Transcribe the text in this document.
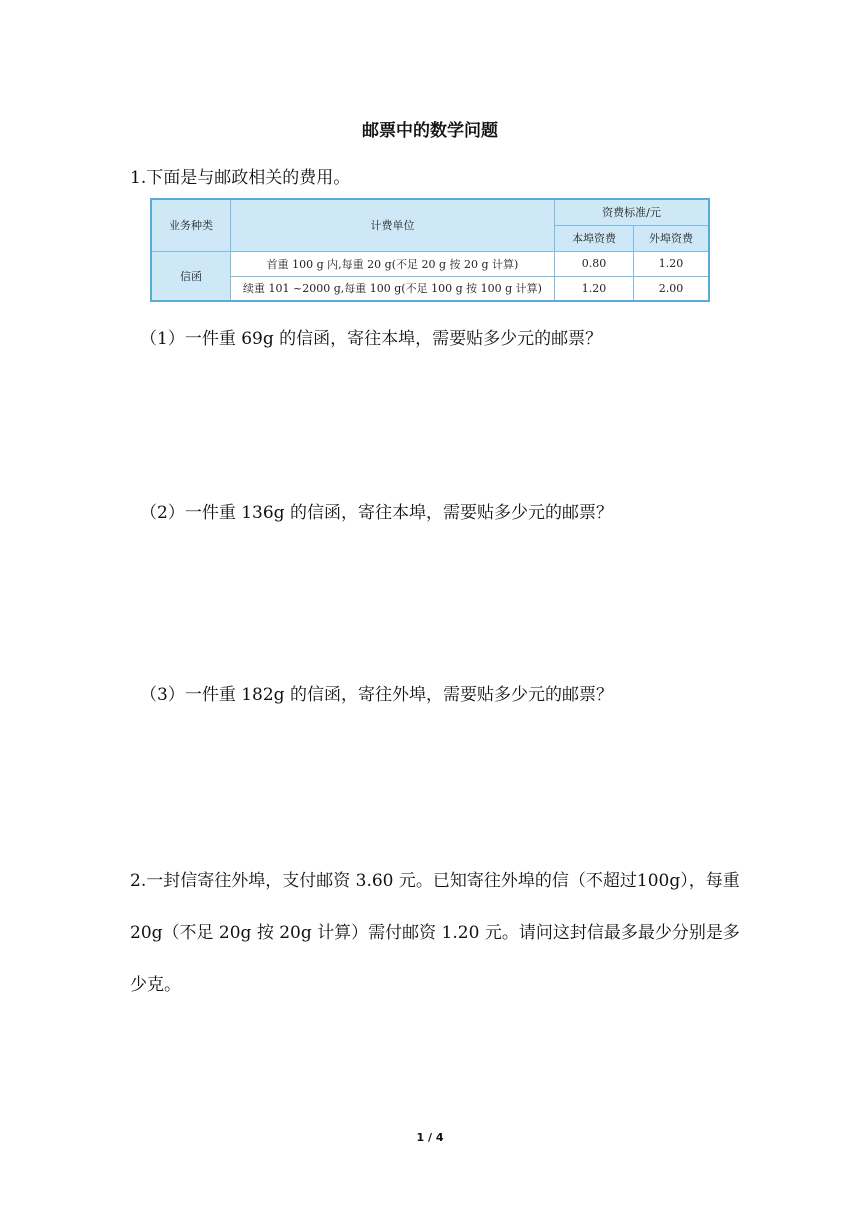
邮票中的数学问题
1.下面是与邮政相关的费用。
业务种类	计费单位	资费标准/元	
		本埠资费	外埠资费
信函	首重 100 g 内,每重 20 g(不足 20 g 按 20 g 计算)	0.80	1.20
	续重 101 ~2000 g,每重 100 g(不足 100 g 按 100 g 计算)	1.20	2.00
（1）一件重 69g 的信函，寄往本埠，需要贴多少元的邮票？
（2）一件重 136g 的信函，寄往本埠，需要贴多少元的邮票？
（3）一件重 182g 的信函，寄往外埠，需要贴多少元的邮票？
2.一封信寄往外埠，支付邮资 3.60 元。已知寄往外埠的信（不超过100g），每重 20g（不足 20g 按 20g 计算）需付邮资 1.20 元。请问这封信最多最少分别是多少克。
1 / 4
